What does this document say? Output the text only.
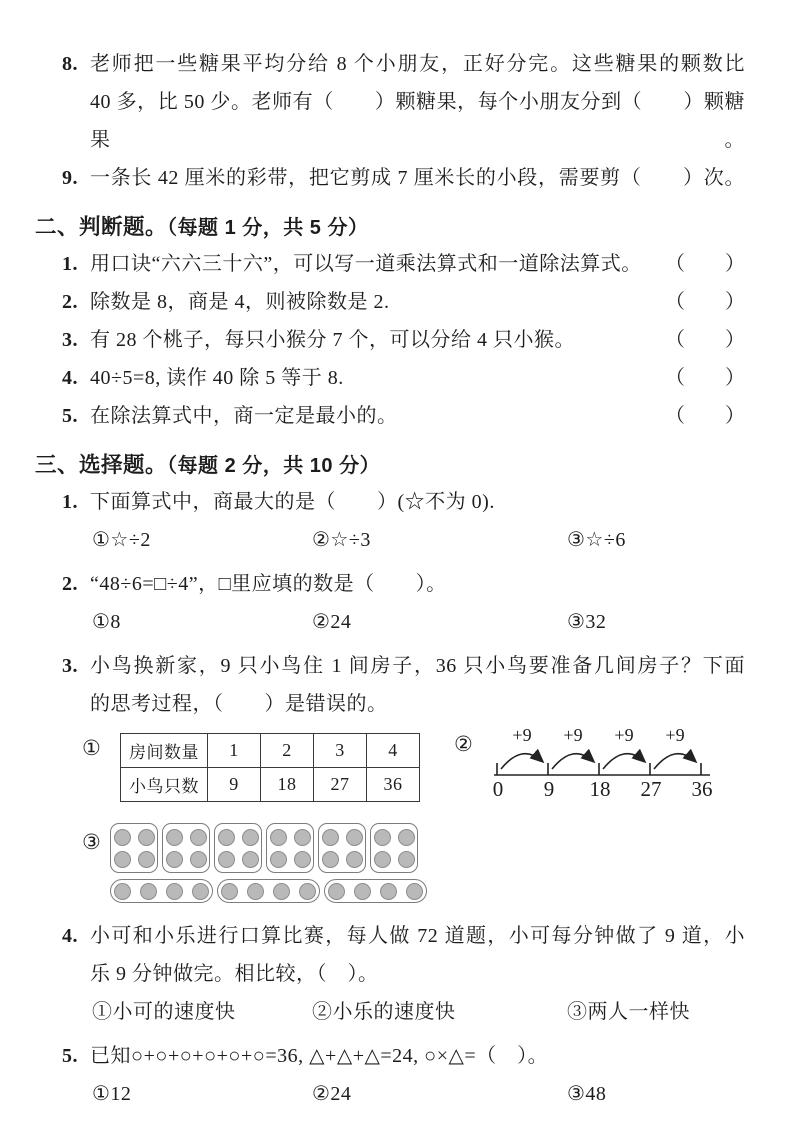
8. 老师把一些糖果平均分给 8 个小朋友，正好分完。这些糖果的颗数比
40 多，比 50 少。老师有（　　）颗糖果，每个小朋友分到（　　）颗糖果。
9. 一条长 42 厘米的彩带，把它剪成 7 厘米长的小段，需要剪（　　）次。
二、判断题。（每题 1 分，共 5 分）
1. 用口诀“六六三十六”，可以写一道乘法算式和一道除法算式。	（　　）
2. 除数是 8，商是 4，则被除数是 2.	（　　）
3. 有 28 个桃子，每只小猴分 7 个，可以分给 4 只小猴。	（　　）
4. 40÷5=8, 读作 40 除 5 等于 8.	（　　）
5. 在除法算式中，商一定是最小的。	（　　）
三、选择题。（每题 2 分，共 10 分）
1. 下面算式中，商最大的是（　　）(☆不为 0).
①☆÷2	②☆÷3	③☆÷6
2. “48÷6=□÷4”，□里应填的数是（　　）。
①8	②24	③32
3. 小鸟换新家，9 只小鸟住 1 间房子，36 只小鸟要准备几间房子？下面
的思考过程，（　　）是错误的。
① 房间数量	1	2	3	4
小鸟只数	9	18	27	36
②	+9	+9	+9	+9
0	9	18 27 36
③
4. 小可和小乐进行口算比赛，每人做 72 道题，小可每分钟做了 9 道，小
乐 9 分钟做完。相比较，（　）。
①小可的速度快	②小乐的速度快	③两人一样快
5. 已知○+○+○+○+○+○=36, △+△+△=24, ○×△=（　）。
①12	②24	③48
